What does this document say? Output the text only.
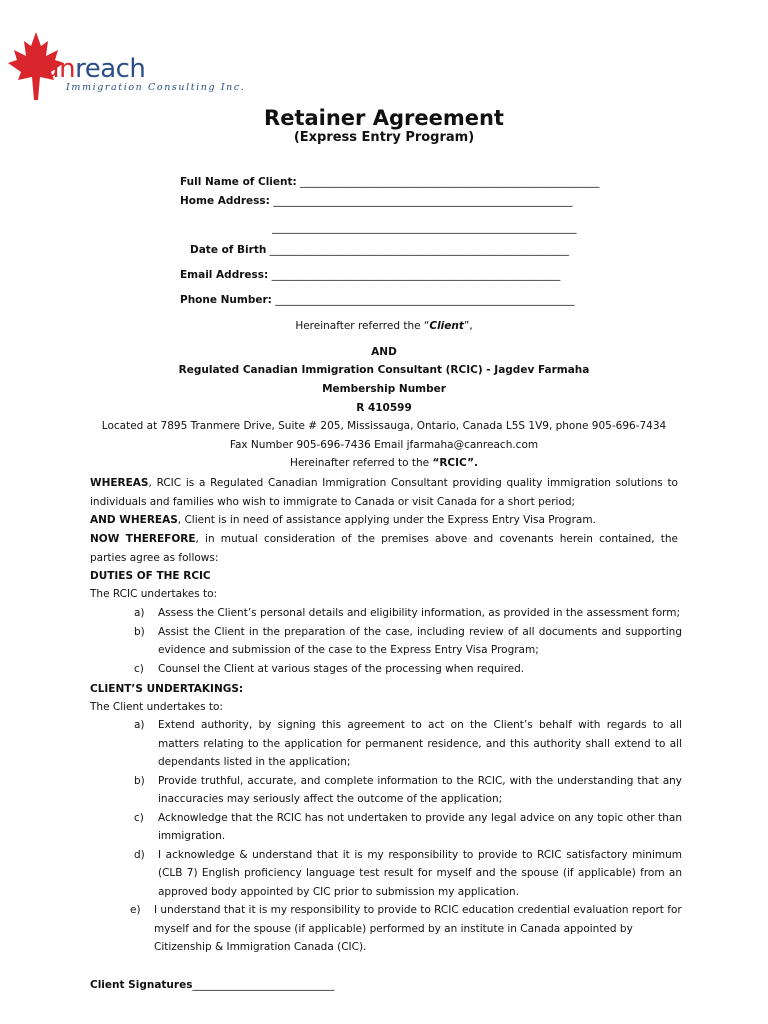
Canreach
Immigration Consulting Inc.
Retainer Agreement
(Express Entry Program)
Full Name of Client: _________________________________________________________
Home Address: _________________________________________________________
__________________________________________________________
Date of Birth _________________________________________________________
Email Address: _______________________________________________________
Phone Number: _________________________________________________________
Hereinafter referred the “Client”,
AND
Regulated Canadian Immigration Consultant (RCIC) - Jagdev Farmaha
Membership Number
R 410599
Located at 7895 Tranmere Drive, Suite # 205, Mississauga, Ontario, Canada L5S 1V9, phone 905-696-7434
Fax Number 905-696-7436 Email jfarmaha@canreach.com
Hereinafter referred to the “RCIC”.
WHEREAS, RCIC is a Regulated Canadian Immigration Consultant providing quality immigration solutions to individuals and families who wish to immigrate to Canada or visit Canada for a short period;
AND WHEREAS, Client is in need of assistance applying under the Express Entry Visa Program.
NOW THEREFORE, in mutual consideration of the premises above and covenants herein contained, the parties agree as follows:
DUTIES OF THE RCIC
The RCIC undertakes to:
a) Assess the Client’s personal details and eligibility information, as provided in the assessment form;
b) Assist the Client in the preparation of the case, including review of all documents and supporting evidence and submission of the case to the Express Entry Visa Program;
c) Counsel the Client at various stages of the processing when required.
CLIENT’S UNDERTAKINGS:
The Client undertakes to:
a) Extend authority, by signing this agreement to act on the Client’s behalf with regards to all matters relating to the application for permanent residence, and this authority shall extend to all dependants listed in the application;
b) Provide truthful, accurate, and complete information to the RCIC, with the understanding that any inaccuracies may seriously affect the outcome of the application;
c) Acknowledge that the RCIC has not undertaken to provide any legal advice on any topic other than immigration.
d) I acknowledge & understand that it is my responsibility to provide to RCIC satisfactory minimum (CLB 7) English proficiency language test result for myself and the spouse (if applicable) from an approved body appointed by CIC prior to submission my application.
e) I understand that it is my responsibility to provide to RCIC education credential evaluation report for myself and for the spouse (if applicable) performed by an institute in Canada appointed by Citizenship & Immigration Canada (CIC).
Client Signatures___________________________
